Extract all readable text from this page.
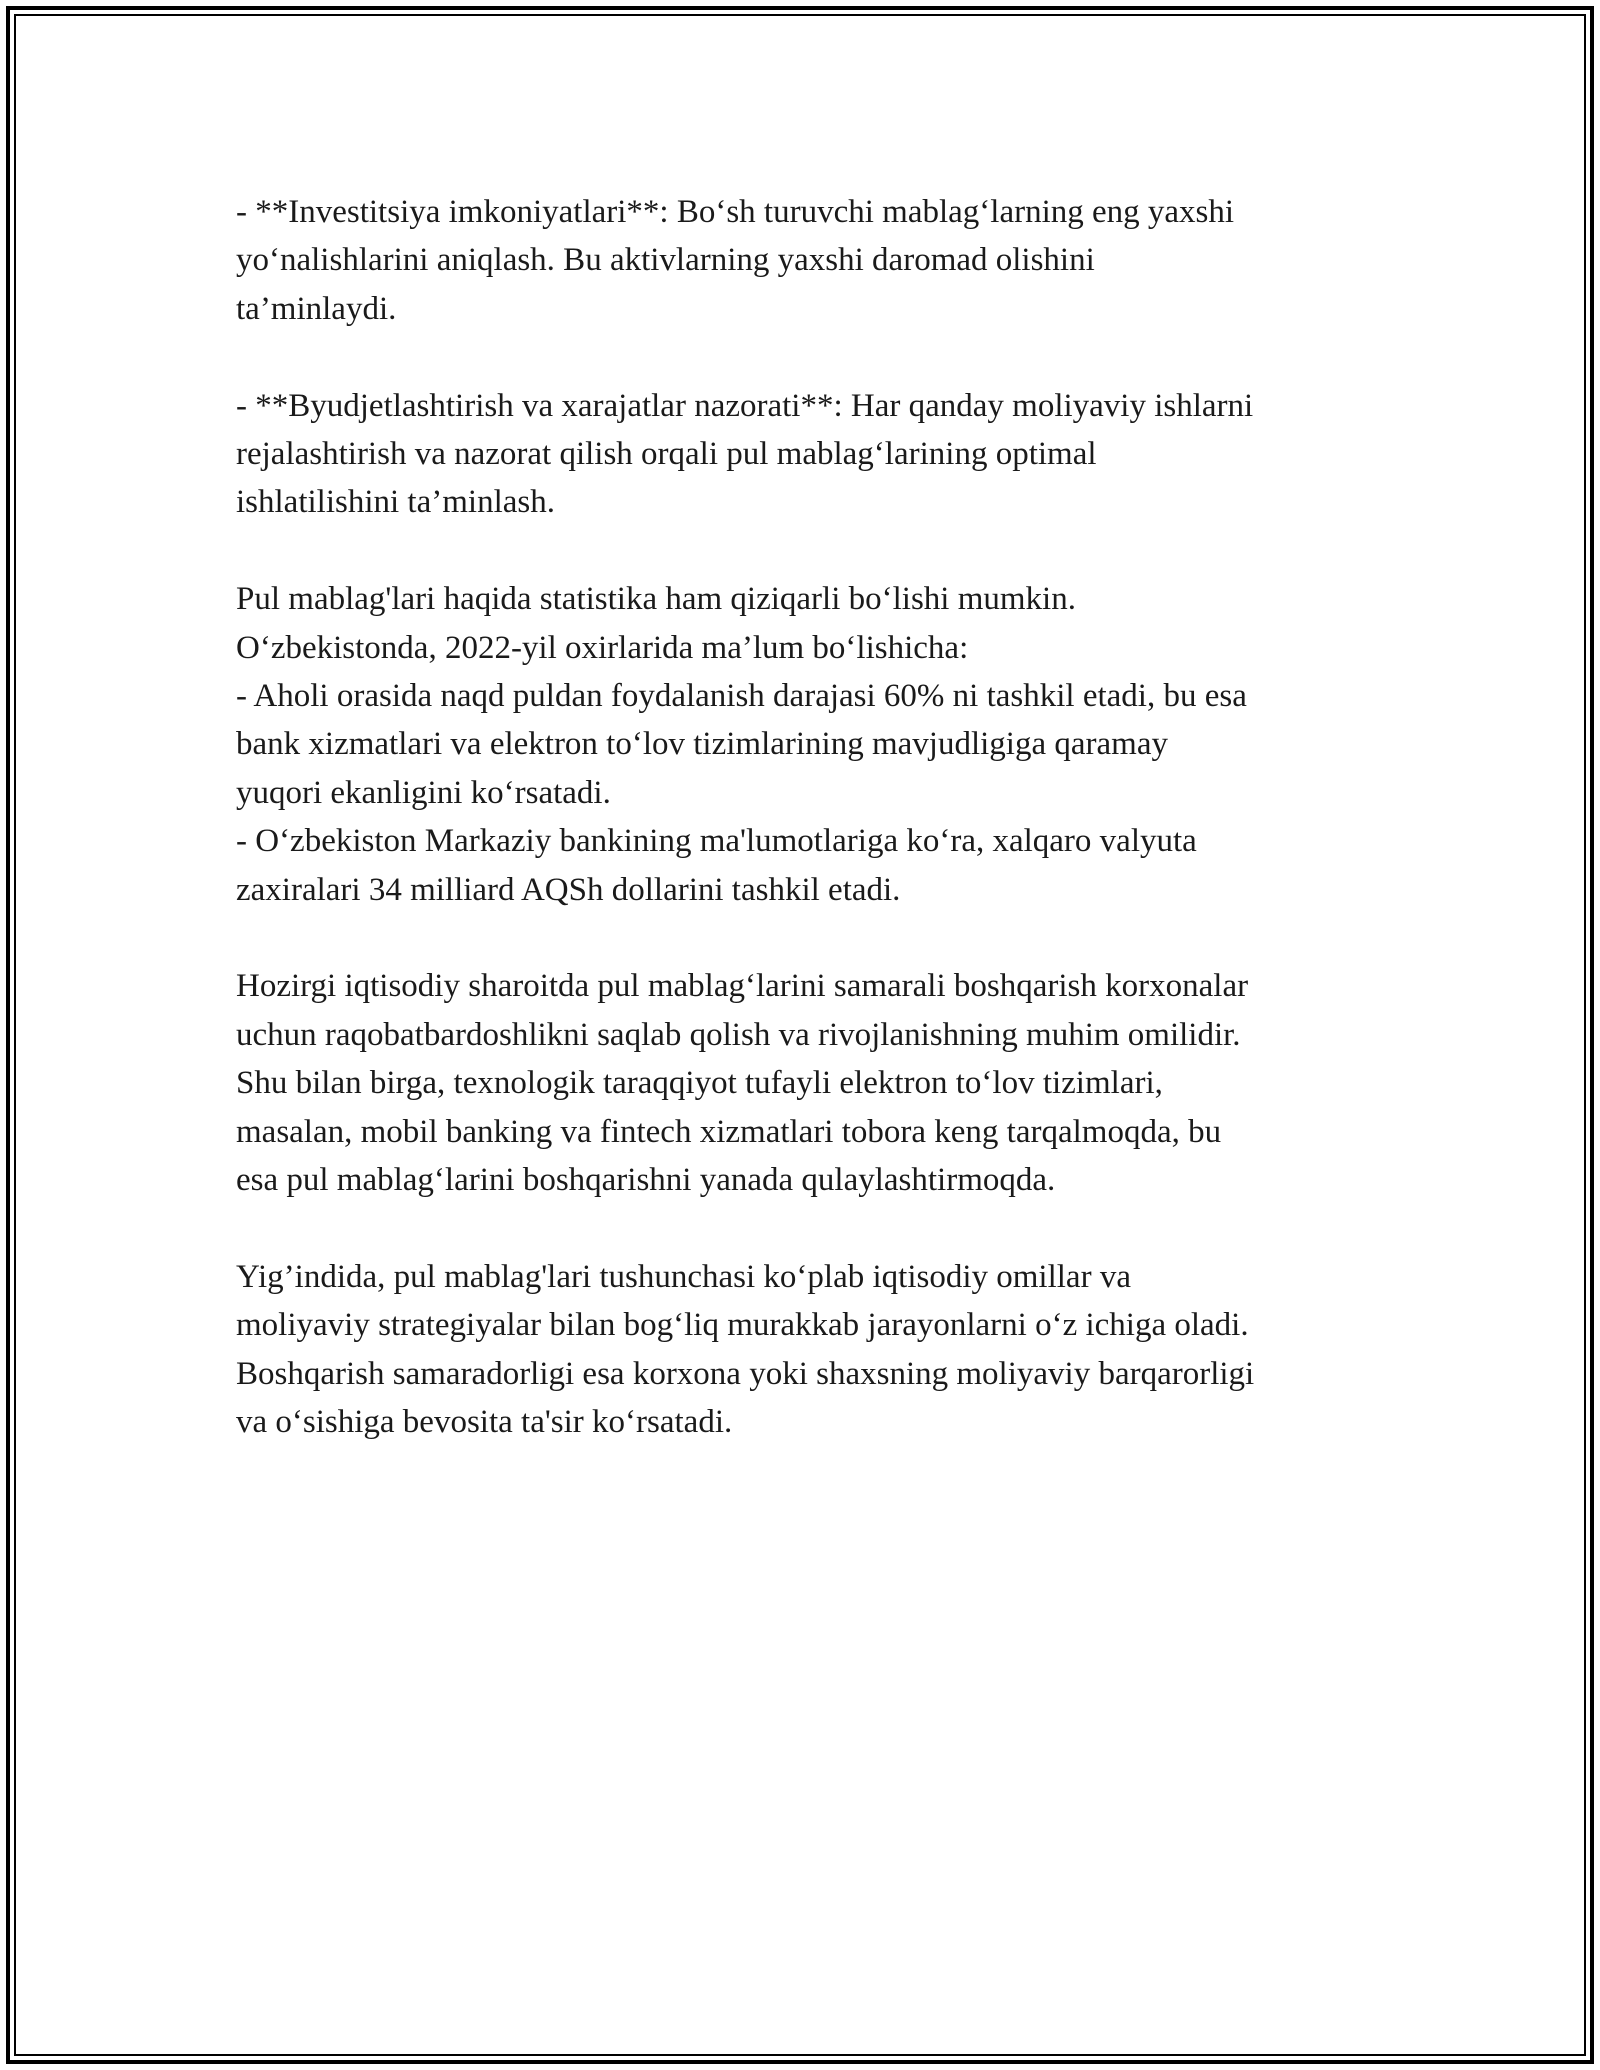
- **Investitsiya imkoniyatlari**: Bo‘sh turuvchi mablag‘larning eng yaxshi
yo‘nalishlarini aniqlash. Bu aktivlarning yaxshi daromad olishini
ta’minlaydi.

- **Byudjetlashtirish va xarajatlar nazorati**: Har qanday moliyaviy ishlarni
rejalashtirish va nazorat qilish orqali pul mablag‘larining optimal
ishlatilishini ta’minlash.

Pul mablag'lari haqida statistika ham qiziqarli bo‘lishi mumkin.
O‘zbekistonda, 2022-yil oxirlarida ma’lum bo‘lishicha:
- Aholi orasida naqd puldan foydalanish darajasi 60% ni tashkil etadi, bu esa
bank xizmatlari va elektron to‘lov tizimlarining mavjudligiga qaramay
yuqori ekanligini ko‘rsatadi.
- O‘zbekiston Markaziy bankining ma'lumotlariga ko‘ra, xalqaro valyuta
zaxiralari 34 milliard AQSh dollarini tashkil etadi.

Hozirgi iqtisodiy sharoitda pul mablag‘larini samarali boshqarish korxonalar
uchun raqobatbardoshlikni saqlab qolish va rivojlanishning muhim omilidir.
Shu bilan birga, texnologik taraqqiyot tufayli elektron to‘lov tizimlari,
masalan, mobil banking va fintech xizmatlari tobora keng tarqalmoqda, bu
esa pul mablag‘larini boshqarishni yanada qulaylashtirmoqda.

Yig’indida, pul mablag'lari tushunchasi ko‘plab iqtisodiy omillar va
moliyaviy strategiyalar bilan bog‘liq murakkab jarayonlarni o‘z ichiga oladi.
Boshqarish samaradorligi esa korxona yoki shaxsning moliyaviy barqarorligi
va o‘sishiga bevosita ta'sir ko‘rsatadi.
